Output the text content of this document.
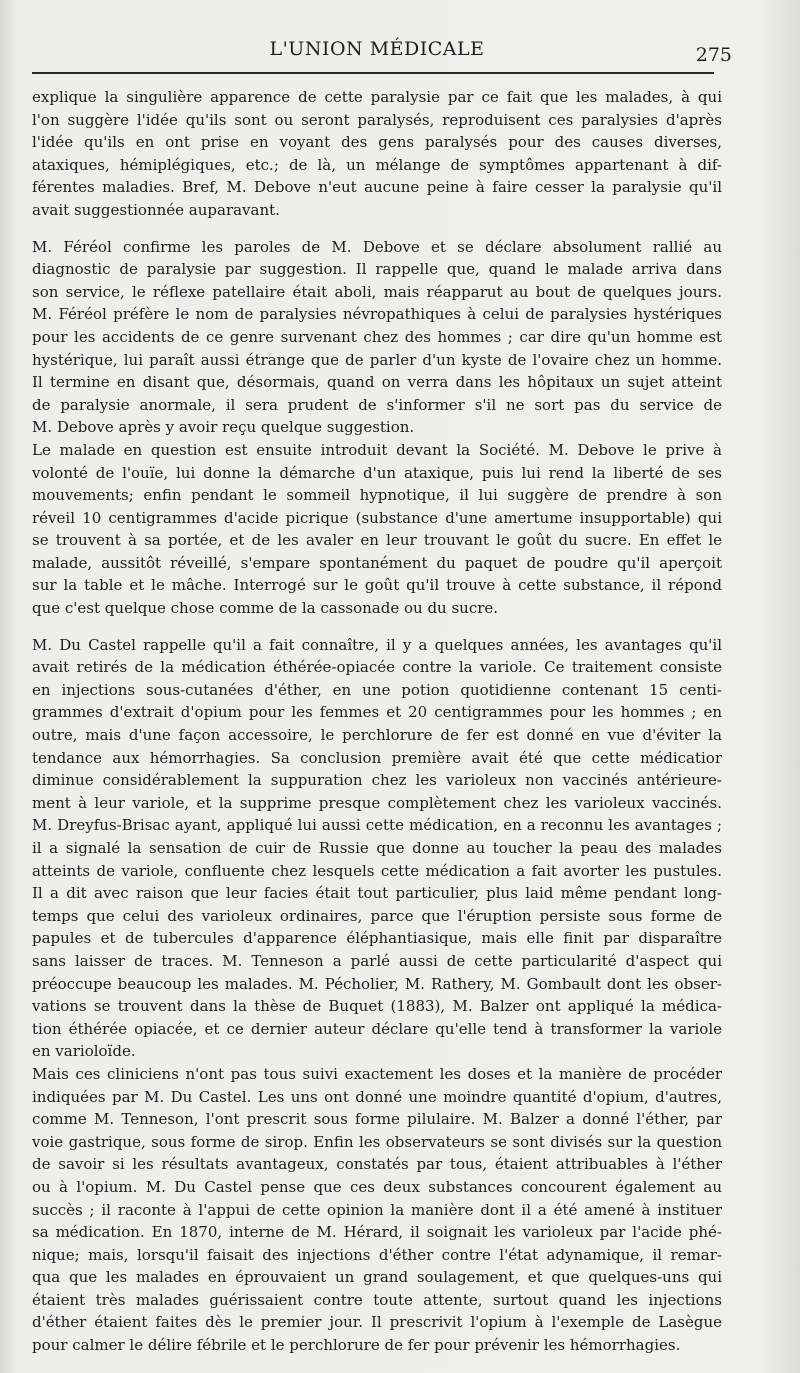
L'UNION MÉDICALE	275
explique la singulière apparence de cette paralysie par ce fait que les malades, à qui
l'on suggère l'idée qu'ils sont ou seront paralysés, reproduisent ces paralysies d'après
l'idée qu'ils en ont prise en voyant des gens paralysés pour des causes diverses,
ataxiques, hémiplégiques, etc.; de là, un mélange de symptômes appartenant à dif-
férentes maladies. Bref, M. Debove n'eut aucune peine à faire cesser la paralysie qu'il
avait suggestionnée auparavant.
M. Féréol confirme les paroles de M. Debove et se déclare absolument rallié au
diagnostic de paralysie par suggestion. Il rappelle que, quand le malade arriva dans
son service, le réflexe patellaire était aboli, mais réapparut au bout de quelques jours.
M. Féréol préfère le nom de paralysies névropathiques à celui de paralysies hystériques
pour les accidents de ce genre survenant chez des hommes ; car dire qu'un homme est
hystérique, lui paraît aussi étrange que de parler d'un kyste de l'ovaire chez un homme.
Il termine en disant que, désormais, quand on verra dans les hôpitaux un sujet atteint
de paralysie anormale, il sera prudent de s'informer s'il ne sort pas du service de
M. Debove après y avoir reçu quelque suggestion.
Le malade en question est ensuite introduit devant la Société. M. Debove le prive à
volonté de l'ouïe, lui donne la démarche d'un ataxique, puis lui rend la liberté de ses
mouvements; enfin pendant le sommeil hypnotique, il lui suggère de prendre à son
réveil 10 centigrammes d'acide picrique (substance d'une amertume insupportable) qui
se trouvent à sa portée, et de les avaler en leur trouvant le goût du sucre. En effet le
malade, aussitôt réveillé, s'empare spontanément du paquet de poudre qu'il aperçoit
sur la table et le mâche. Interrogé sur le goût qu'il trouve à cette substance, il répond
que c'est quelque chose comme de la cassonade ou du sucre.
M. Du Castel rappelle qu'il a fait connaître, il y a quelques années, les avantages qu'il
avait retirés de la médication éthérée-opiacée contre la variole. Ce traitement consiste
en injections sous-cutanées d'éther, en une potion quotidienne contenant 15 centi-
grammes d'extrait d'opium pour les femmes et 20 centigrammes pour les hommes ; en
outre, mais d'une façon accessoire, le perchlorure de fer est donné en vue d'éviter la
tendance aux hémorrhagies. Sa conclusion première avait été que cette médicatior
diminue considérablement la suppuration chez les varioleux non vaccinés antérieure-
ment à leur variole, et la supprime presque complètement chez les varioleux vaccinés.
M. Dreyfus-Brisac ayant, appliqué lui aussi cette médication, en a reconnu les avantages ;
il a signalé la sensation de cuir de Russie que donne au toucher la peau des malades
atteints de variole, confluente chez lesquels cette médication a fait avorter les pustules.
Il a dit avec raison que leur facies était tout particulier, plus laid même pendant long-
temps que celui des varioleux ordinaires, parce que l'éruption persiste sous forme de
papules et de tubercules d'apparence éléphantiasique, mais elle finit par disparaître
sans laisser de traces. M. Tenneson a parlé aussi de cette particularité d'aspect qui
préoccupe beaucoup les malades. M. Pécholier, M. Rathery, M. Gombault dont les obser-
vations se trouvent dans la thèse de Buquet (1883), M. Balzer ont appliqué la médica-
tion éthérée opiacée, et ce dernier auteur déclare qu'elle tend à transformer la variole
en varioloïde.
Mais ces cliniciens n'ont pas tous suivi exactement les doses et la manière de procéder
indiquées par M. Du Castel. Les uns ont donné une moindre quantité d'opium, d'autres,
comme M. Tenneson, l'ont prescrit sous forme pilulaire. M. Balzer a donné l'éther, par
voie gastrique, sous forme de sirop. Enfin les observateurs se sont divisés sur la question
de savoir si les résultats avantageux, constatés par tous, étaient attribuables à l'éther
ou à l'opium. M. Du Castel pense que ces deux substances concourent également au
succès ; il raconte à l'appui de cette opinion la manière dont il a été amené à instituer
sa médication. En 1870, interne de M. Hérard, il soignait les varioleux par l'acide phé-
nique; mais, lorsqu'il faisait des injections d'éther contre l'état adynamique, il remar-
qua que les malades en éprouvaient un grand soulagement, et que quelques-uns qui
étaient très malades guérissaient contre toute attente, surtout quand les injections
d'éther étaient faites dès le premier jour. Il prescrivit l'opium à l'exemple de Lasègue
pour calmer le délire fébrile et le perchlorure de fer pour prévenir les hémorrhagies.
